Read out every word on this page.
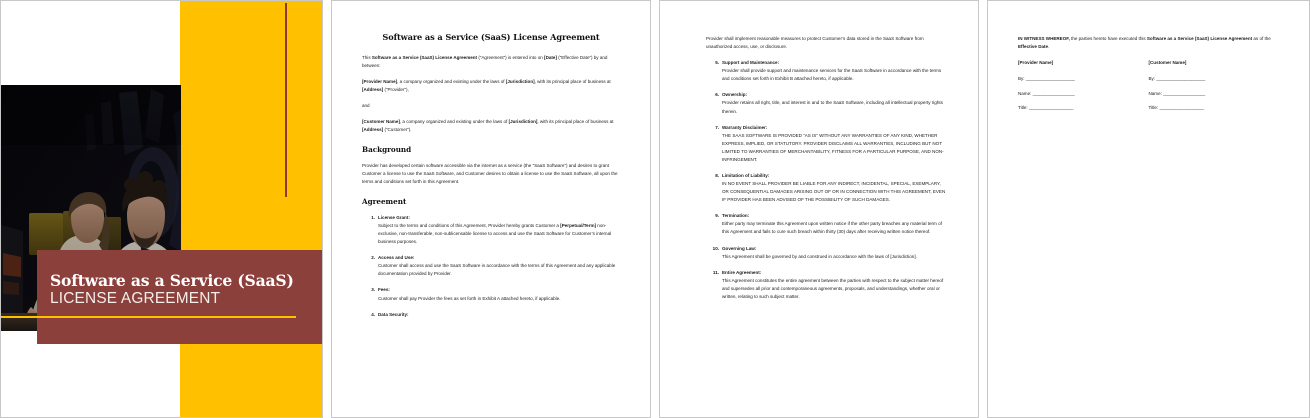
Software as a Service (SaaS)
LICENSE AGREEMENT
Software as a Service (SaaS) License Agreement

This Software as a Service (SaaS) License Agreement (“Agreement”) is entered into on [Date] (“Effective Date”) by and between:

[Provider Name], a company organized and existing under the laws of [Jurisdiction], with its principal place of business at [Address] (“Provider”),

and

[Customer Name], a company organized and existing under the laws of [Jurisdiction], with its principal place of business at [Address] (“Customer”).

Background

Provider has developed certain software accessible via the internet as a service (the “SaaS Software”) and desires to grant Customer a license to use the SaaS Software, and Customer desires to obtain a license to use the SaaS Software, all upon the terms and conditions set forth in this Agreement.

Agreement
1. License Grant:
Subject to the terms and conditions of this Agreement, Provider hereby grants Customer a [Perpetual/Term] non-exclusive, non-transferable, non-sublicensable license to access and use the SaaS Software for Customer’s internal business purposes.
2. Access and Use:
Customer shall access and use the SaaS Software in accordance with the terms of this Agreement and any applicable documentation provided by Provider.
3. Fees:
Customer shall pay Provider the fees as set forth in Exhibit A attached hereto, if applicable.
4. Data Security:

Provider shall implement reasonable measures to protect Customer’s data stored in the SaaS Software from unauthorized access, use, or disclosure.

5. Support and Maintenance:
Provider shall provide support and maintenance services for the SaaS Software in accordance with the terms and conditions set forth in Exhibit B attached hereto, if applicable.
6. Ownership:
Provider retains all right, title, and interest in and to the SaaS Software, including all intellectual property rights therein.
7. Warranty Disclaimer:
THE SAAS SOFTWARE IS PROVIDED “AS IS” WITHOUT ANY WARRANTIES OF ANY KIND, WHETHER EXPRESS, IMPLIED, OR STATUTORY. PROVIDER DISCLAIMS ALL WARRANTIES, INCLUDING BUT NOT LIMITED TO WARRANTIES OF MERCHANTABILITY, FITNESS FOR A PARTICULAR PURPOSE, AND NON-INFRINGEMENT.
8. Limitation of Liability:
IN NO EVENT SHALL PROVIDER BE LIABLE FOR ANY INDIRECT, INCIDENTAL, SPECIAL, EXEMPLARY, OR CONSEQUENTIAL DAMAGES ARISING OUT OF OR IN CONNECTION WITH THIS AGREEMENT, EVEN IF PROVIDER HAS BEEN ADVISED OF THE POSSIBILITY OF SUCH DAMAGES.
9. Termination:
Either party may terminate this Agreement upon written notice if the other party breaches any material term of this Agreement and fails to cure such breach within thirty (30) days after receiving written notice thereof.
10. Governing Law:
This Agreement shall be governed by and construed in accordance with the laws of [Jurisdiction].
11. Entire Agreement:
This Agreement constitutes the entire agreement between the parties with respect to the subject matter hereof and supersedes all prior and contemporaneous agreements, proposals, and understandings, whether oral or written, relating to such subject matter.

IN WITNESS WHEREOF, the parties hereto have executed this Software as a Service (SaaS) License Agreement as of the Effective Date.

[Provider Name]
By: _____________________
Name: __________________
Title: ___________________
[Customer Name]
By: _____________________
Name: __________________
Title: ___________________
